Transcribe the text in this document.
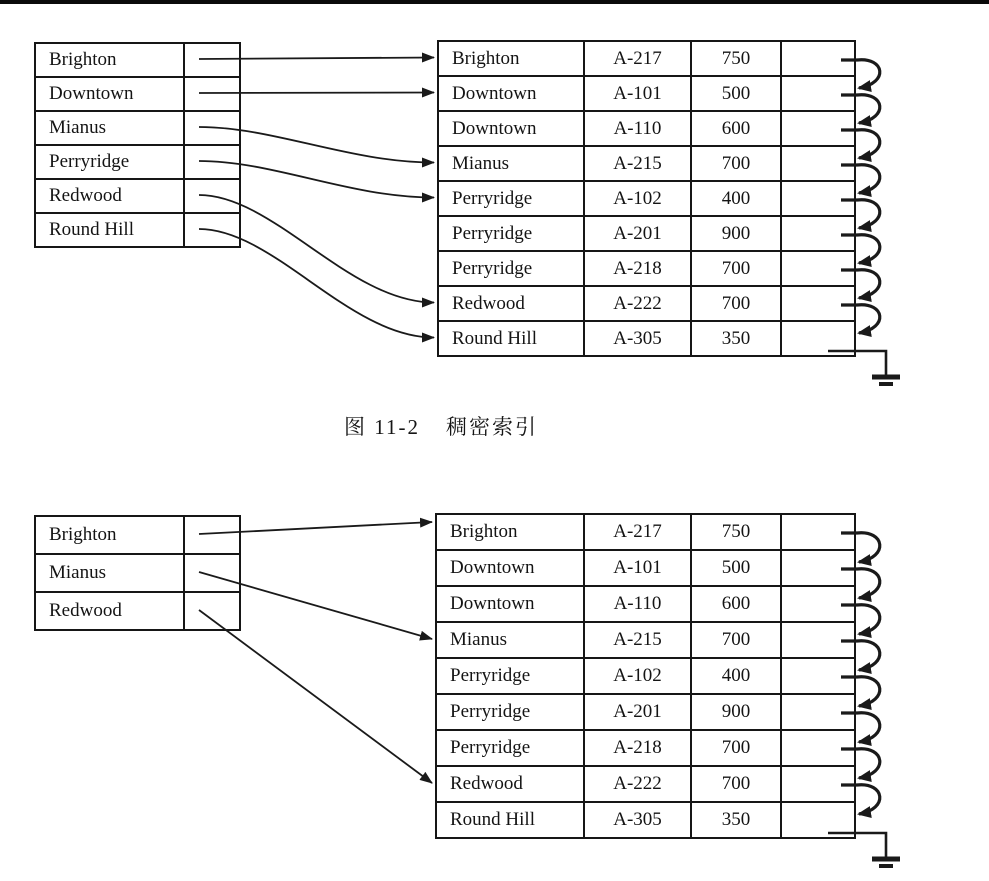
Brighton	
Downtown	
Mianus	
Perryridge	
Redwood	
Round Hill	
Brighton	A-217	750	
Downtown	A-101	500	
Downtown	A-110	600	
Mianus	A-215	700	
Perryridge	A-102	400	
Perryridge	A-201	900	
Perryridge	A-218	700	
Redwood	A-222	700	
Round Hill	A-305	350	
图 11-2 稠密索引
Brighton	
Mianus	
Redwood	
Brighton	A-217	750	
Downtown	A-101	500	
Downtown	A-110	600	
Mianus	A-215	700	
Perryridge	A-102	400	
Perryridge	A-201	900	
Perryridge	A-218	700	
Redwood	A-222	700	
Round Hill	A-305	350	
